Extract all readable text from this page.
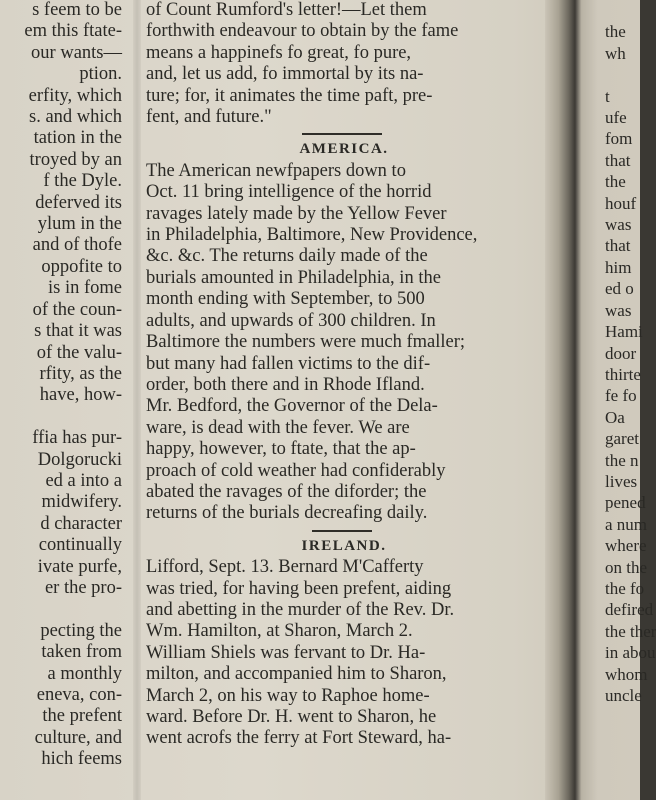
s feem to be
em this ftate-
our wants—
ption.
erfity, which
s. and which
tation in the
troyed by an
f the Dyle.
deferved its
ylum in the
and of thofe
oppofite to
is in fome
of the coun-
s that it was
of the valu-
rfity, as the
have, how-

ffia has pur-
Dolgorucki
ed a into a
midwifery.
d character
continually
ivate purfe,
er the pro-

pecting the
taken from
a monthly
eneva, con-
the prefent
culture, and
hich feems
of Count Rumford's letter!—Let them
forthwith endeavour to obtain by the fame
means a happinefs fo great, fo pure,
and, let us add, fo immortal by its na-
ture; for, it animates the time paft, pre-
fent, and future."
AMERICA.
The American newfpapers down to
Oct. 11 bring intelligence of the horrid
ravages lately made by the Yellow Fever
in Philadelphia, Baltimore, New Providence,
&c. &c. The returns daily made of the
burials amounted in Philadelphia, in the
month ending with September, to 500
adults, and upwards of 300 children. In
Baltimore the numbers were much fmaller;
but many had fallen victims to the dif-
order, both there and in Rhode Ifland.
Mr. Bedford, the Governor of the Dela-
ware, is dead with the fever. We are
happy, however, to ftate, that the ap-
proach of cold weather had confiderably
abated the ravages of the diforder; the
returns of the burials decreafing daily.
IRELAND.
Lifford, Sept. 13. Bernard M'Cafferty
was tried, for having been prefent, aiding
and abetting in the murder of the Rev. Dr.
Wm. Hamilton, at Sharon, March 2.
William Shiels was fervant to Dr. Ha-
milton, and accompanied him to Sharon,
March 2, on his way to Raphoe home-
ward. Before Dr. H. went to Sharon, he
went acrofs the ferry at Fort Steward, ha-

the
wh

t
ufe
fom
that
the
houf
was
that
him
ed o
was
Hami
door
thirte
fe fo
Oa
garet
the n
lives
pened
a num
where
on the
the fo
defired
the ther
in abou
whom
uncle
